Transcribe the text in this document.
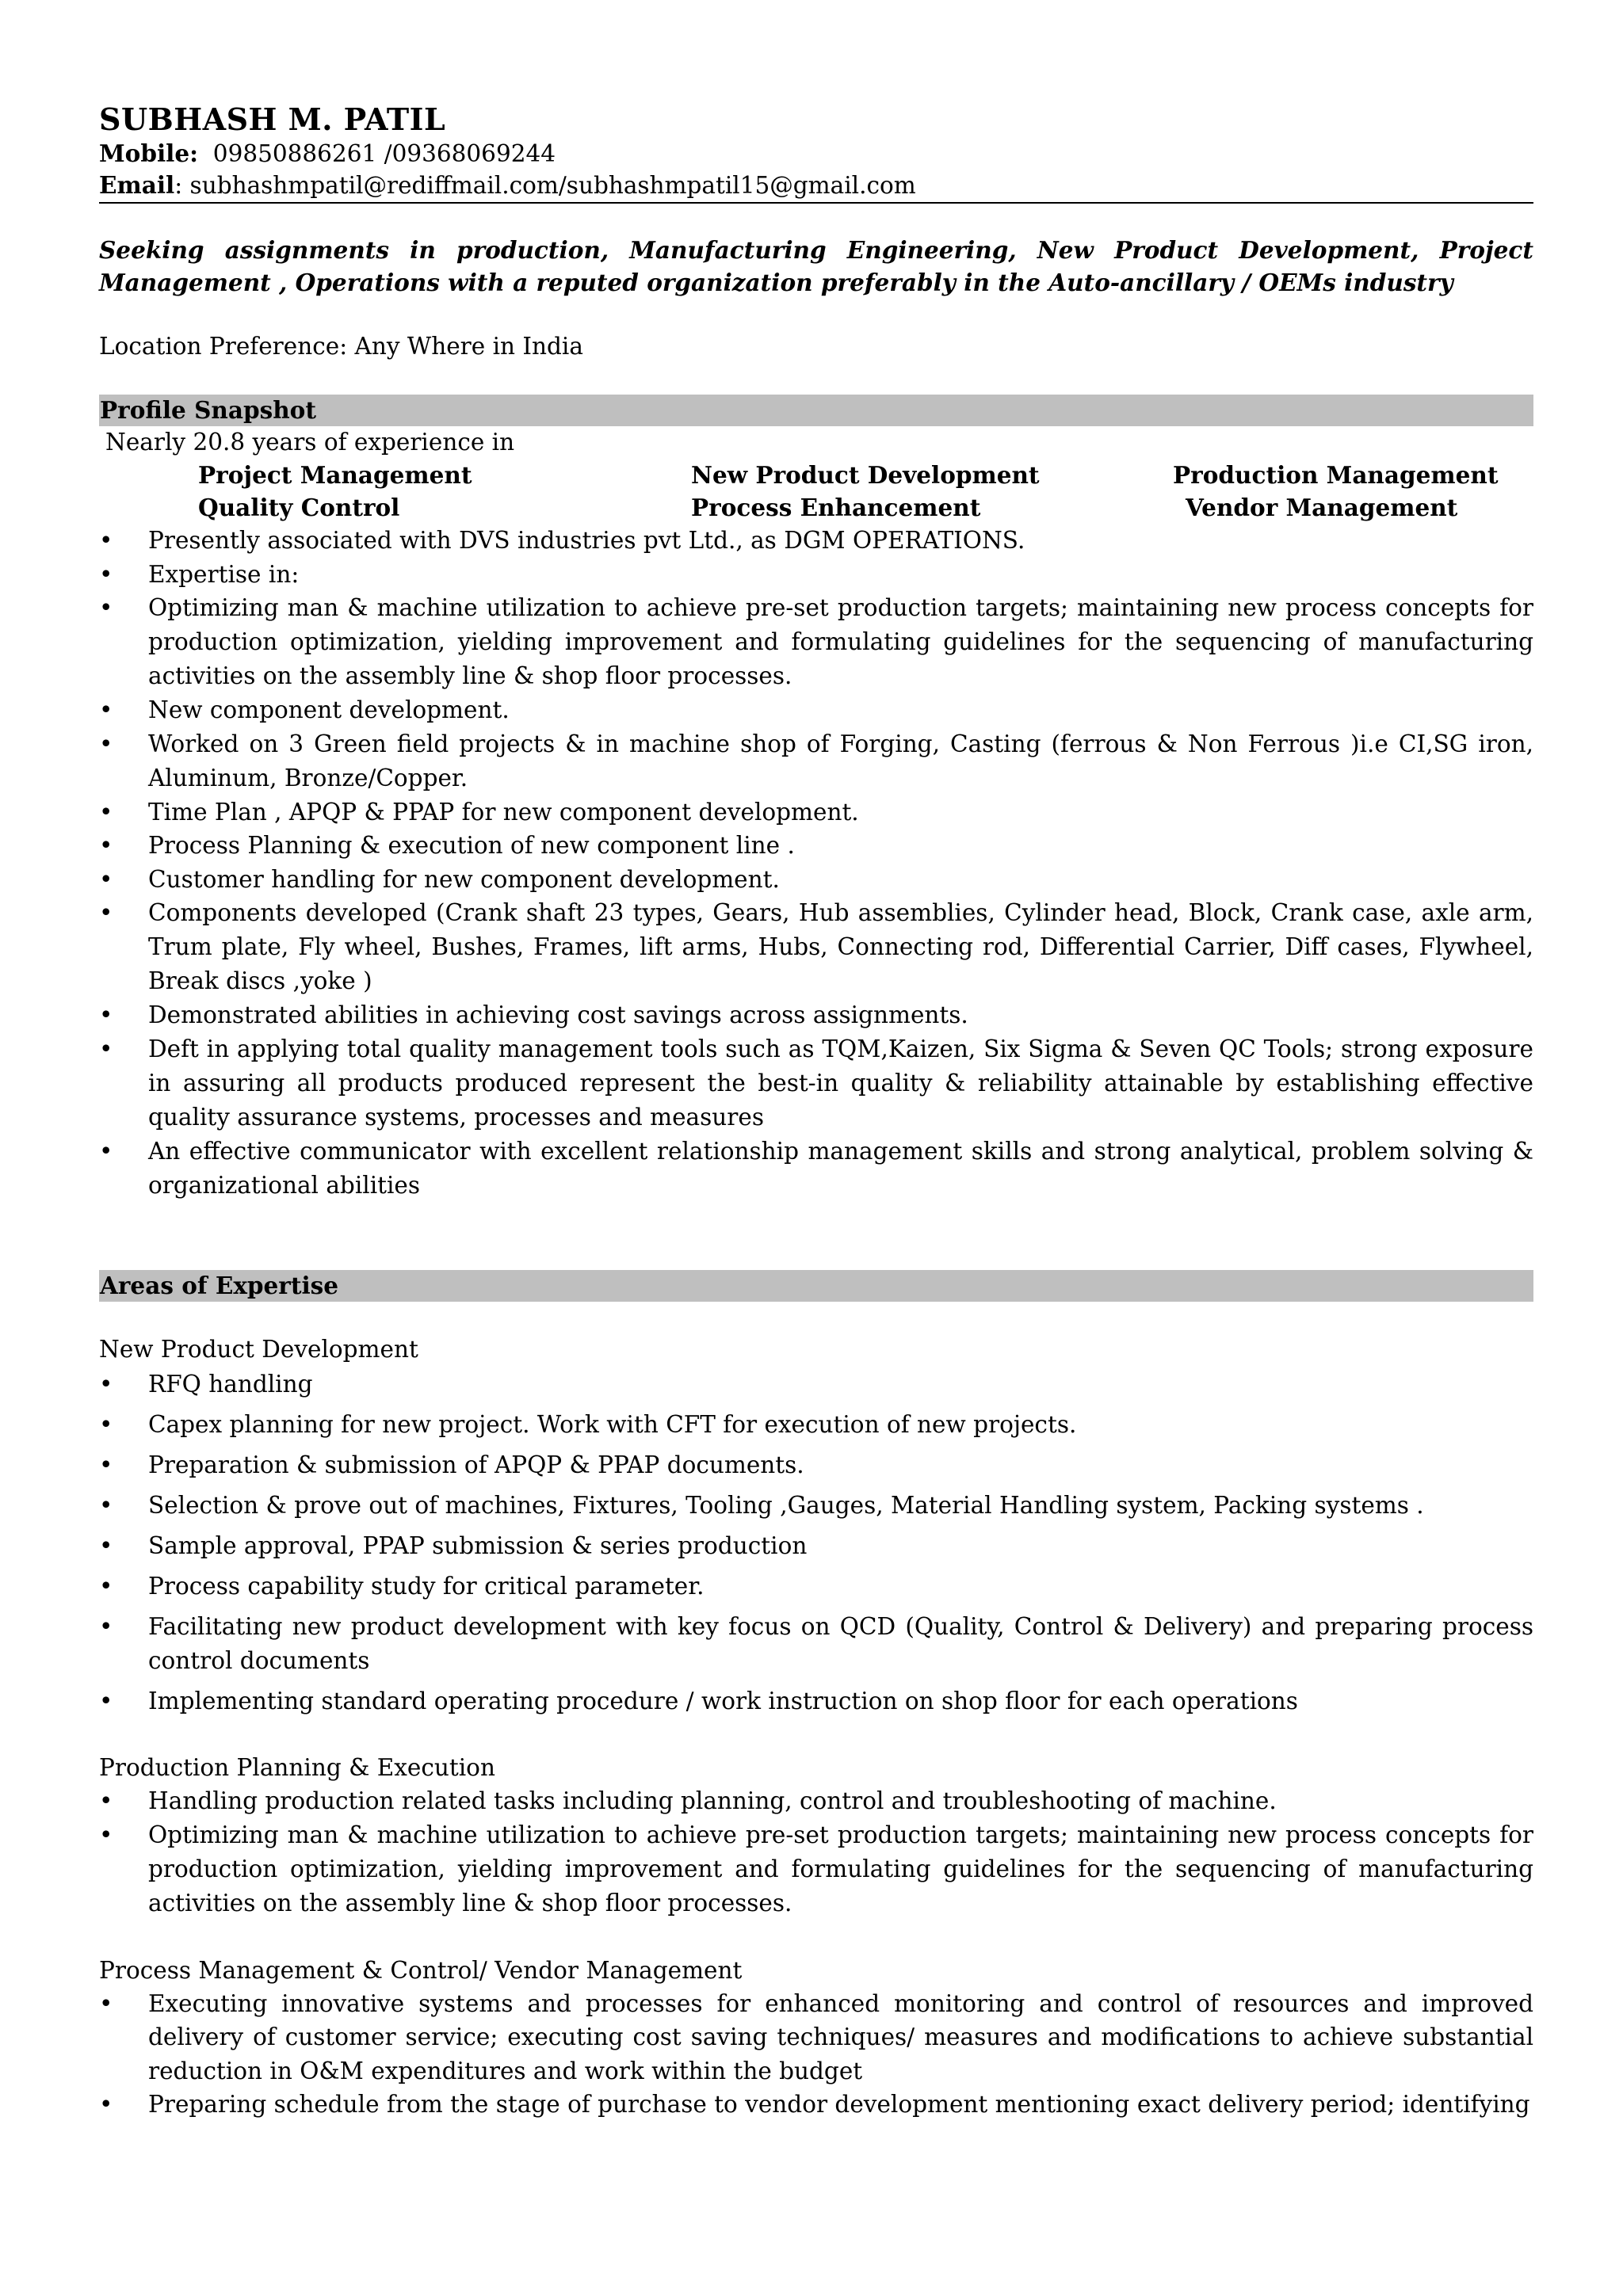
SUBHASH M. PATIL
Mobile: 09850886261 /09368069244
Email: subhashmpatil@rediffmail.com/subhashmpatil15@gmail.com
Seeking assignments in production, Manufacturing Engineering, New Product Development, Project Management , Operations with a reputed organization preferably in the Auto-ancillary / OEMs industry
Location Preference: Any Where in India
Profile Snapshot
Nearly 20.8 years of experience in
Project Management	New Product Development	Production Management
Quality Control	Process Enhancement	Vendor Management
• Presently associated with DVS industries pvt Ltd., as DGM OPERATIONS.
• Expertise in:
• Optimizing man & machine utilization to achieve pre-set production targets; maintaining new process concepts for production optimization, yielding improvement and formulating guidelines for the sequencing of manufacturing activities on the assembly line & shop floor processes.
• New component development.
• Worked on 3 Green field projects & in machine shop of Forging, Casting (ferrous & Non Ferrous )i.e CI,SG iron, Aluminum, Bronze/Copper.
• Time Plan , APQP & PPAP for new component development.
• Process Planning & execution of new component line .
• Customer handling for new component development.
• Components developed (Crank shaft 23 types, Gears, Hub assemblies, Cylinder head, Block, Crank case, axle arm, Trum plate, Fly wheel, Bushes, Frames, lift arms, Hubs, Connecting rod, Differential Carrier, Diff cases, Flywheel, Break discs ,yoke )
• Demonstrated abilities in achieving cost savings across assignments.
• Deft in applying total quality management tools such as TQM,Kaizen, Six Sigma & Seven QC Tools; strong exposure in assuring all products produced represent the best-in quality & reliability attainable by establishing effective quality assurance systems, processes and measures
• An effective communicator with excellent relationship management skills and strong analytical, problem solving & organizational abilities
Areas of Expertise
New Product Development
• RFQ handling
• Capex planning for new project. Work with CFT for execution of new projects.
• Preparation & submission of APQP & PPAP documents.
• Selection & prove out of machines, Fixtures, Tooling ,Gauges, Material Handling system, Packing systems .
• Sample approval, PPAP submission & series production
• Process capability study for critical parameter.
• Facilitating new product development with key focus on QCD (Quality, Control & Delivery) and preparing process control documents
• Implementing standard operating procedure / work instruction on shop floor for each operations
Production Planning & Execution
• Handling production related tasks including planning, control and troubleshooting of machine.
• Optimizing man & machine utilization to achieve pre-set production targets; maintaining new process concepts for production optimization, yielding improvement and formulating guidelines for the sequencing of manufacturing activities on the assembly line & shop floor processes.
Process Management & Control/ Vendor Management
• Executing innovative systems and processes for enhanced monitoring and control of resources and improved delivery of customer service; executing cost saving techniques/ measures and modifications to achieve substantial reduction in O&M expenditures and work within the budget
• Preparing schedule from the stage of purchase to vendor development mentioning exact delivery period; identifying
